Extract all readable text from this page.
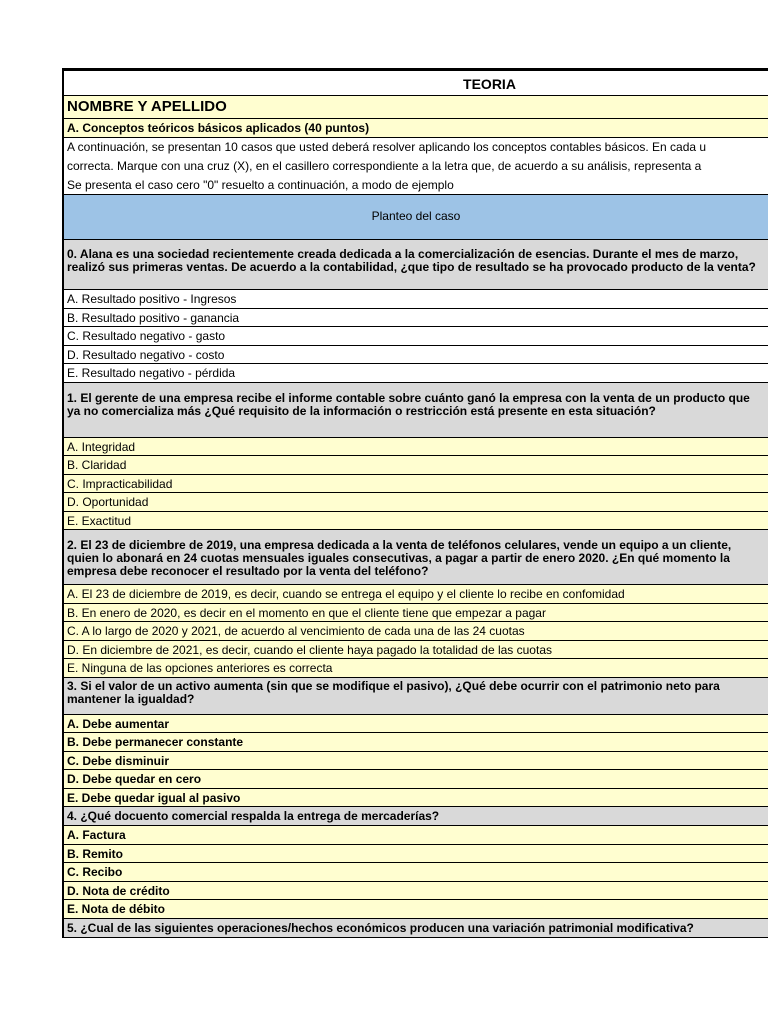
TEORIA
NOMBRE Y APELLIDO
A. Conceptos teóricos básicos aplicados (40 puntos)
A continuación, se presentan 10 casos que usted deberá resolver aplicando los conceptos contables básicos. En cada u
correcta. Marque con una cruz (X), en el casillero correspondiente a la letra que, de acuerdo a su análisis, representa a
Se presenta el caso cero "0" resuelto a continuación, a modo de ejemplo
Planteo del caso
0. Alana es una sociedad recientemente creada dedicada a la comercialización de esencias. Durante el mes de marzo, realizó sus primeras ventas. De acuerdo a la contabilidad, ¿que tipo de resultado se ha provocado producto de la venta?
A. Resultado positivo - Ingresos
B. Resultado positivo - ganancia
C. Resultado negativo - gasto
D. Resultado negativo - costo
E. Resultado negativo - pérdida
1. El gerente de una empresa recibe el informe contable sobre cuánto ganó la empresa con la venta de un producto que ya no comercializa más ¿Qué requisito de la información o restricción está presente en esta situación?
A. Integridad
B. Claridad
C. Impracticabilidad
D. Oportunidad
E. Exactitud
2. El 23 de diciembre de 2019, una empresa dedicada a la venta de teléfonos celulares, vende un equipo a un cliente, quien lo abonará en 24 cuotas mensuales iguales consecutivas, a pagar a partir de enero 2020. ¿En qué momento la empresa debe reconocer el resultado por la venta del teléfono?
A. El 23 de diciembre de 2019, es decir, cuando se entrega el equipo y el cliente lo recibe en confomidad
B. En enero de 2020, es decir en el momento en que el cliente tiene que empezar a pagar
C. A lo largo de 2020 y 2021, de acuerdo al vencimiento de cada una de las 24 cuotas
D. En diciembre de 2021, es decir, cuando el cliente haya pagado la totalidad de las cuotas
E. Ninguna de las opciones anteriores es correcta
3. Si el valor de un activo aumenta (sin que se modifique el pasivo), ¿Qué debe ocurrir con el patrimonio neto para mantener la igualdad?
A. Debe aumentar
B. Debe permanecer constante
C. Debe disminuir
D. Debe quedar en cero
E. Debe quedar igual al pasivo
4. ¿Qué docuento comercial respalda la entrega de mercaderías?
A. Factura
B. Remito
C. Recibo
D. Nota de crédito
E. Nota de débito
5. ¿Cual de las siguientes operaciones/hechos económicos producen una variación patrimonial modificativa?
